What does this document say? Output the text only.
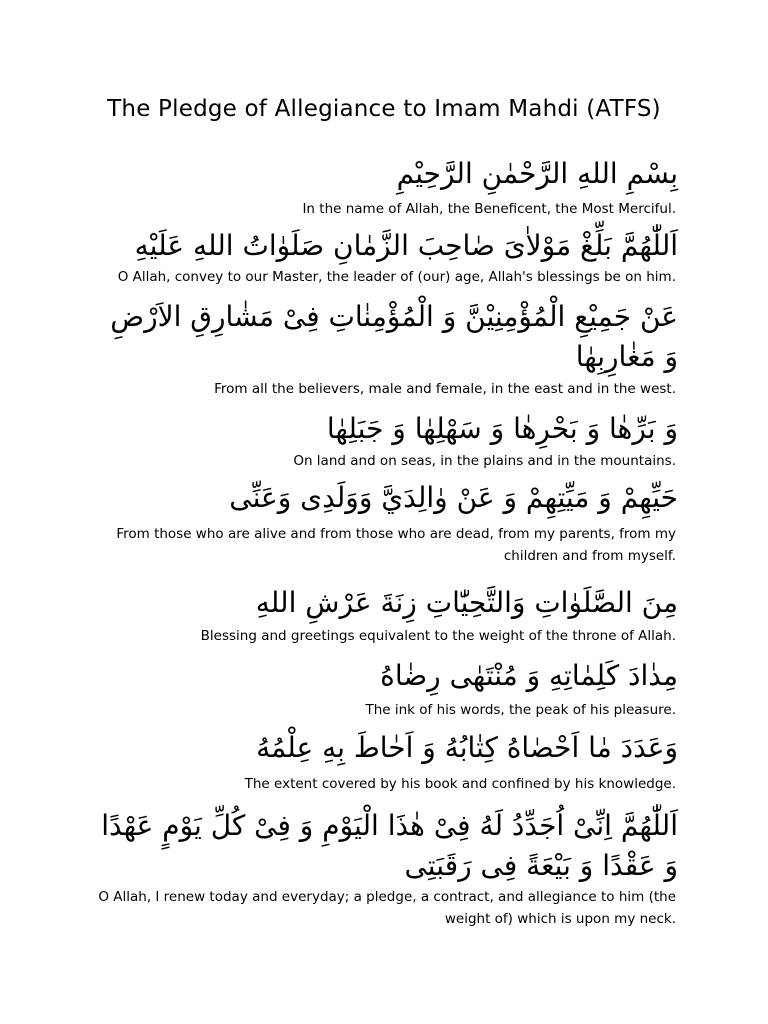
The Pledge of Allegiance to Imam Mahdi (ATFS)
بِسْمِ اللهِ الرَّحْمٰنِ الرَّحِيْمِ
In the name of Allah, the Beneficent, the Most Merciful.
اَللّٰهُمَّ بَلِّغْ مَوْلاٰىَ صٰاحِبَ الزَّمٰانِ صَلَوٰاتُ اللهِ عَلَيْهِ
O Allah, convey to our Master, the leader of (our) age, Allah's blessings be on him.
عَنْ جَمِيْعِ الْمُؤْمِنِيْنَّ وَ الْمُؤْمِنٰاتِ فِىْ مَشٰارِقِ الاَرْضِ وَ مَغٰارِبِهٰا
From all the believers, male and female, in the east and in the west.
وَ بَرِّهٰا وَ بَحْرِهٰا وَ سَهْلِهٰا وَ جَبَلِهٰا
On land and on seas, in the plains and in the mountains.
حَيِّهِمْ وَ مَيِّتِهِمْ وَ عَنْ وٰالِدَيَّ وَوَلَدِى وَعَنِّى
From those who are alive and from those who are dead, from my parents, from my children and from myself.
مِنَ الصَّلَوٰاتِ وَالتَّحِيّٰاتِ زِنَةَ عَرْشِ اللهِ
Blessing and greetings equivalent to the weight of the throne of Allah.
مِدٰادَ كَلِمٰاتِهِ وَ مُنْتَهٰى رِضٰاهُ
The ink of his words, the peak of his pleasure.
وَعَدَدَ مٰا اَحْصٰاهُ كِتٰابُهُ وَ اَحٰاطَ بِهِ عِلْمُهُ
The extent covered by his book and confined by his knowledge.
اَللّٰهُمَّ اِنِّىْ اُجَدِّدُ لَهُ فِىْ هٰذَا الْيَوْمِ وَ فِىْ كُلِّ يَوْمٍ عَهْدًا وَ عَقْدًا وَ بَيْعَةً فِى رَقَبَتِى
O Allah, I renew today and everyday; a pledge, a contract, and allegiance to him (the weight of) which is upon my neck.
